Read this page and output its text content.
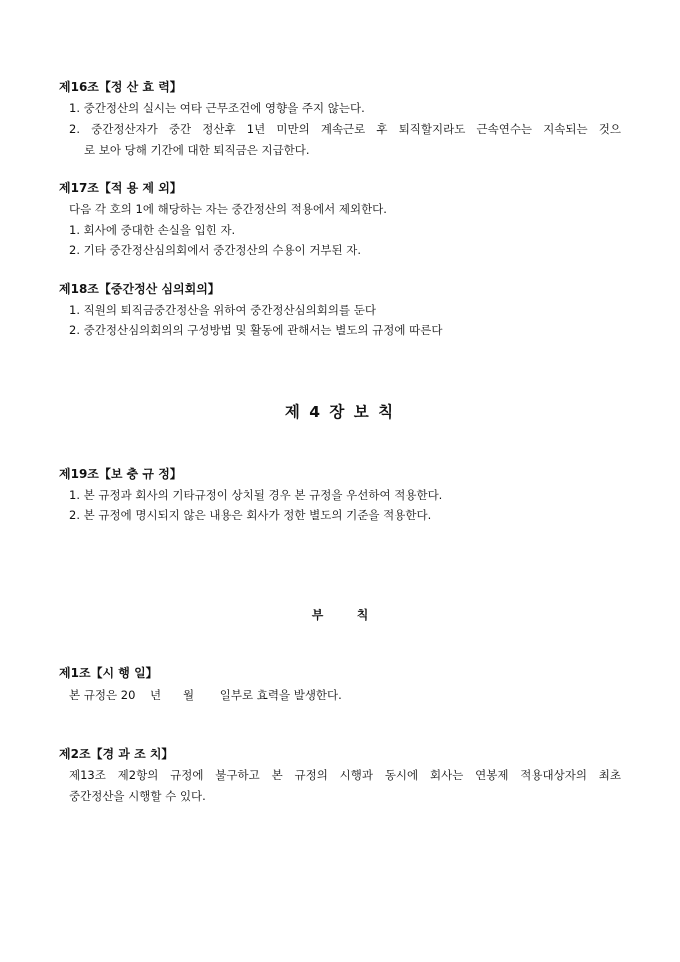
제16조【정 산 효 력】
1. 중간정산의 실시는 여타 근무조건에 영향을 주지 않는다.
2. 중간정산자가 중간 정산후 1년 미만의 계속근로 후 퇴직할지라도 근속연수는 지속되는 것으
로 보아 당해 기간에 대한 퇴직금은 지급한다.
제17조【적 용 제 외】
다음 각 호의 1에 해당하는 자는 중간정산의 적용에서 제외한다.
1. 회사에 중대한 손실을 입힌 자.
2. 기타 중간정산심의회에서 중간정산의 수용이 거부된 자.
제18조【중간정산 심의회의】
1. 직원의 퇴직금중간정산을 위하여 중간정산심의회의를 둔다
2. 중간정산심의회의의 구성방법 및 활동에 관해서는 별도의 규정에 따른다
제 4 장 보 칙
제19조【보 충 규 정】
1. 본 규정과 회사의 기타규정이 상치될 경우 본 규정을 우선하여 적용한다.
2. 본 규정에 명시되지 않은 내용은 회사가 정한 별도의 기준을 적용한다.
부        칙
제1조【시 행 일】
본 규정은 20    년      월       일부로 효력을 발생한다.
제2조【경 과 조 치】
제13조 제2항의 규정에 불구하고 본 규정의 시행과 동시에 회사는 연봉제 적용대상자의 최초
중간정산을 시행할 수 있다.
